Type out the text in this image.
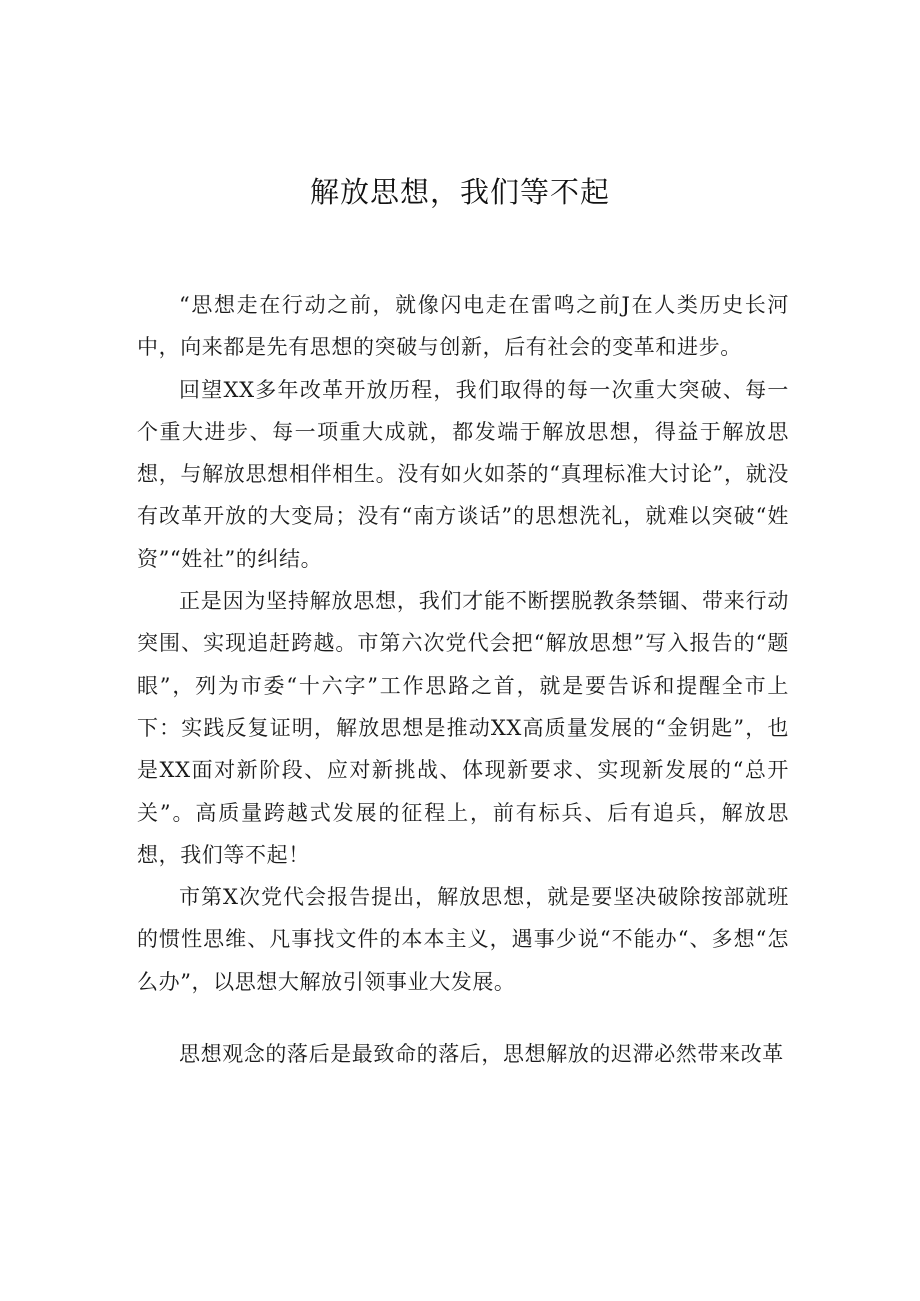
解放思想，我们等不起

“思想走在行动之前，就像闪电走在雷鸣之前J在人类历史长河中，向来都是先有思想的突破与创新，后有社会的变革和进步。

回望XX多年改革开放历程，我们取得的每一次重大突破、每一个重大进步、每一项重大成就，都发端于解放思想，得益于解放思想，与解放思想相伴相生。没有如火如荼的“真理标准大讨论”，就没有改革开放的大变局；没有“南方谈话”的思想洗礼，就难以突破“姓资”“姓社”的纠结。

正是因为坚持解放思想，我们才能不断摆脱教条禁锢、带来行动突围、实现追赶跨越。市第六次党代会把“解放思想”写入报告的“题眼”，列为市委“十六字”工作思路之首，就是要告诉和提醒全市上下：实践反复证明，解放思想是推动XX高质量发展的“金钥匙”，也是XX面对新阶段、应对新挑战、体现新要求、实现新发展的“总开关”。高质量跨越式发展的征程上，前有标兵、后有追兵，解放思想，我们等不起！

市第X次党代会报告提出，解放思想，就是要坚决破除按部就班的惯性思维、凡事找文件的本本主义，遇事少说“不能办“、多想“怎么办”，以思想大解放引领事业大发展。

思想观念的落后是最致命的落后，思想解放的迟滞必然带来改革
